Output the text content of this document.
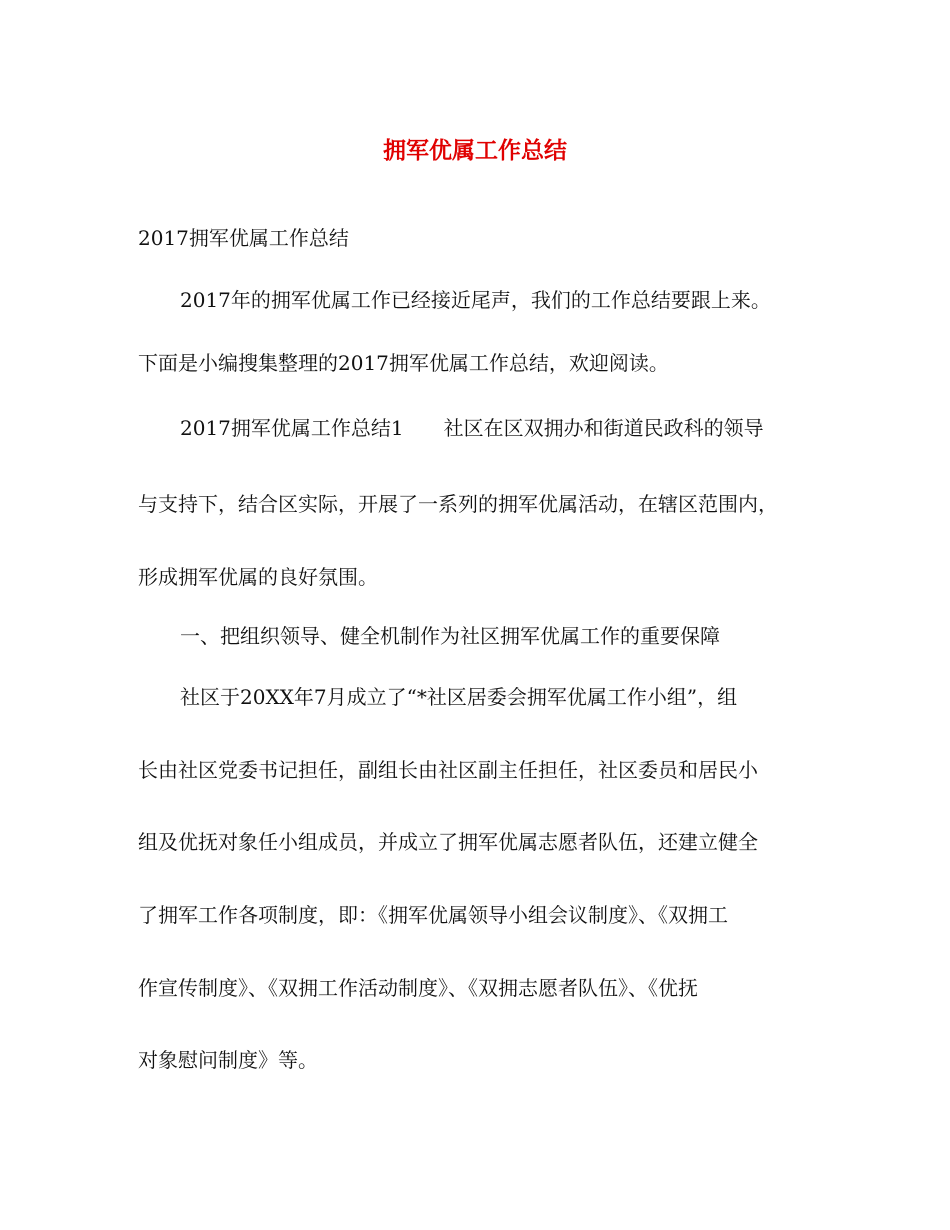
拥军优属工作总结
2017拥军优属工作总结
2017年的拥军优属工作已经接近尾声，我们的工作总结要跟上来。
下面是小编搜集整理的2017拥军优属工作总结，欢迎阅读。
2017拥军优属工作总结1 社区在区双拥办和街道民政科的领导
与支持下，结合区实际，开展了一系列的拥军优属活动，在辖区范围内，
形成拥军优属的良好氛围。
一、把组织领导、健全机制作为社区拥军优属工作的重要保障
社区于20XX年7月成立了“*社区居委会拥军优属工作小组”，组
长由社区党委书记担任，副组长由社区副主任担任，社区委员和居民小
组及优抚对象任小组成员，并成立了拥军优属志愿者队伍，还建立健全
了拥军工作各项制度，即：《拥军优属领导小组会议制度》、《双拥工
作宣传制度》、《双拥工作活动制度》、《双拥志愿者队伍》、《优抚
对象慰问制度》等。
